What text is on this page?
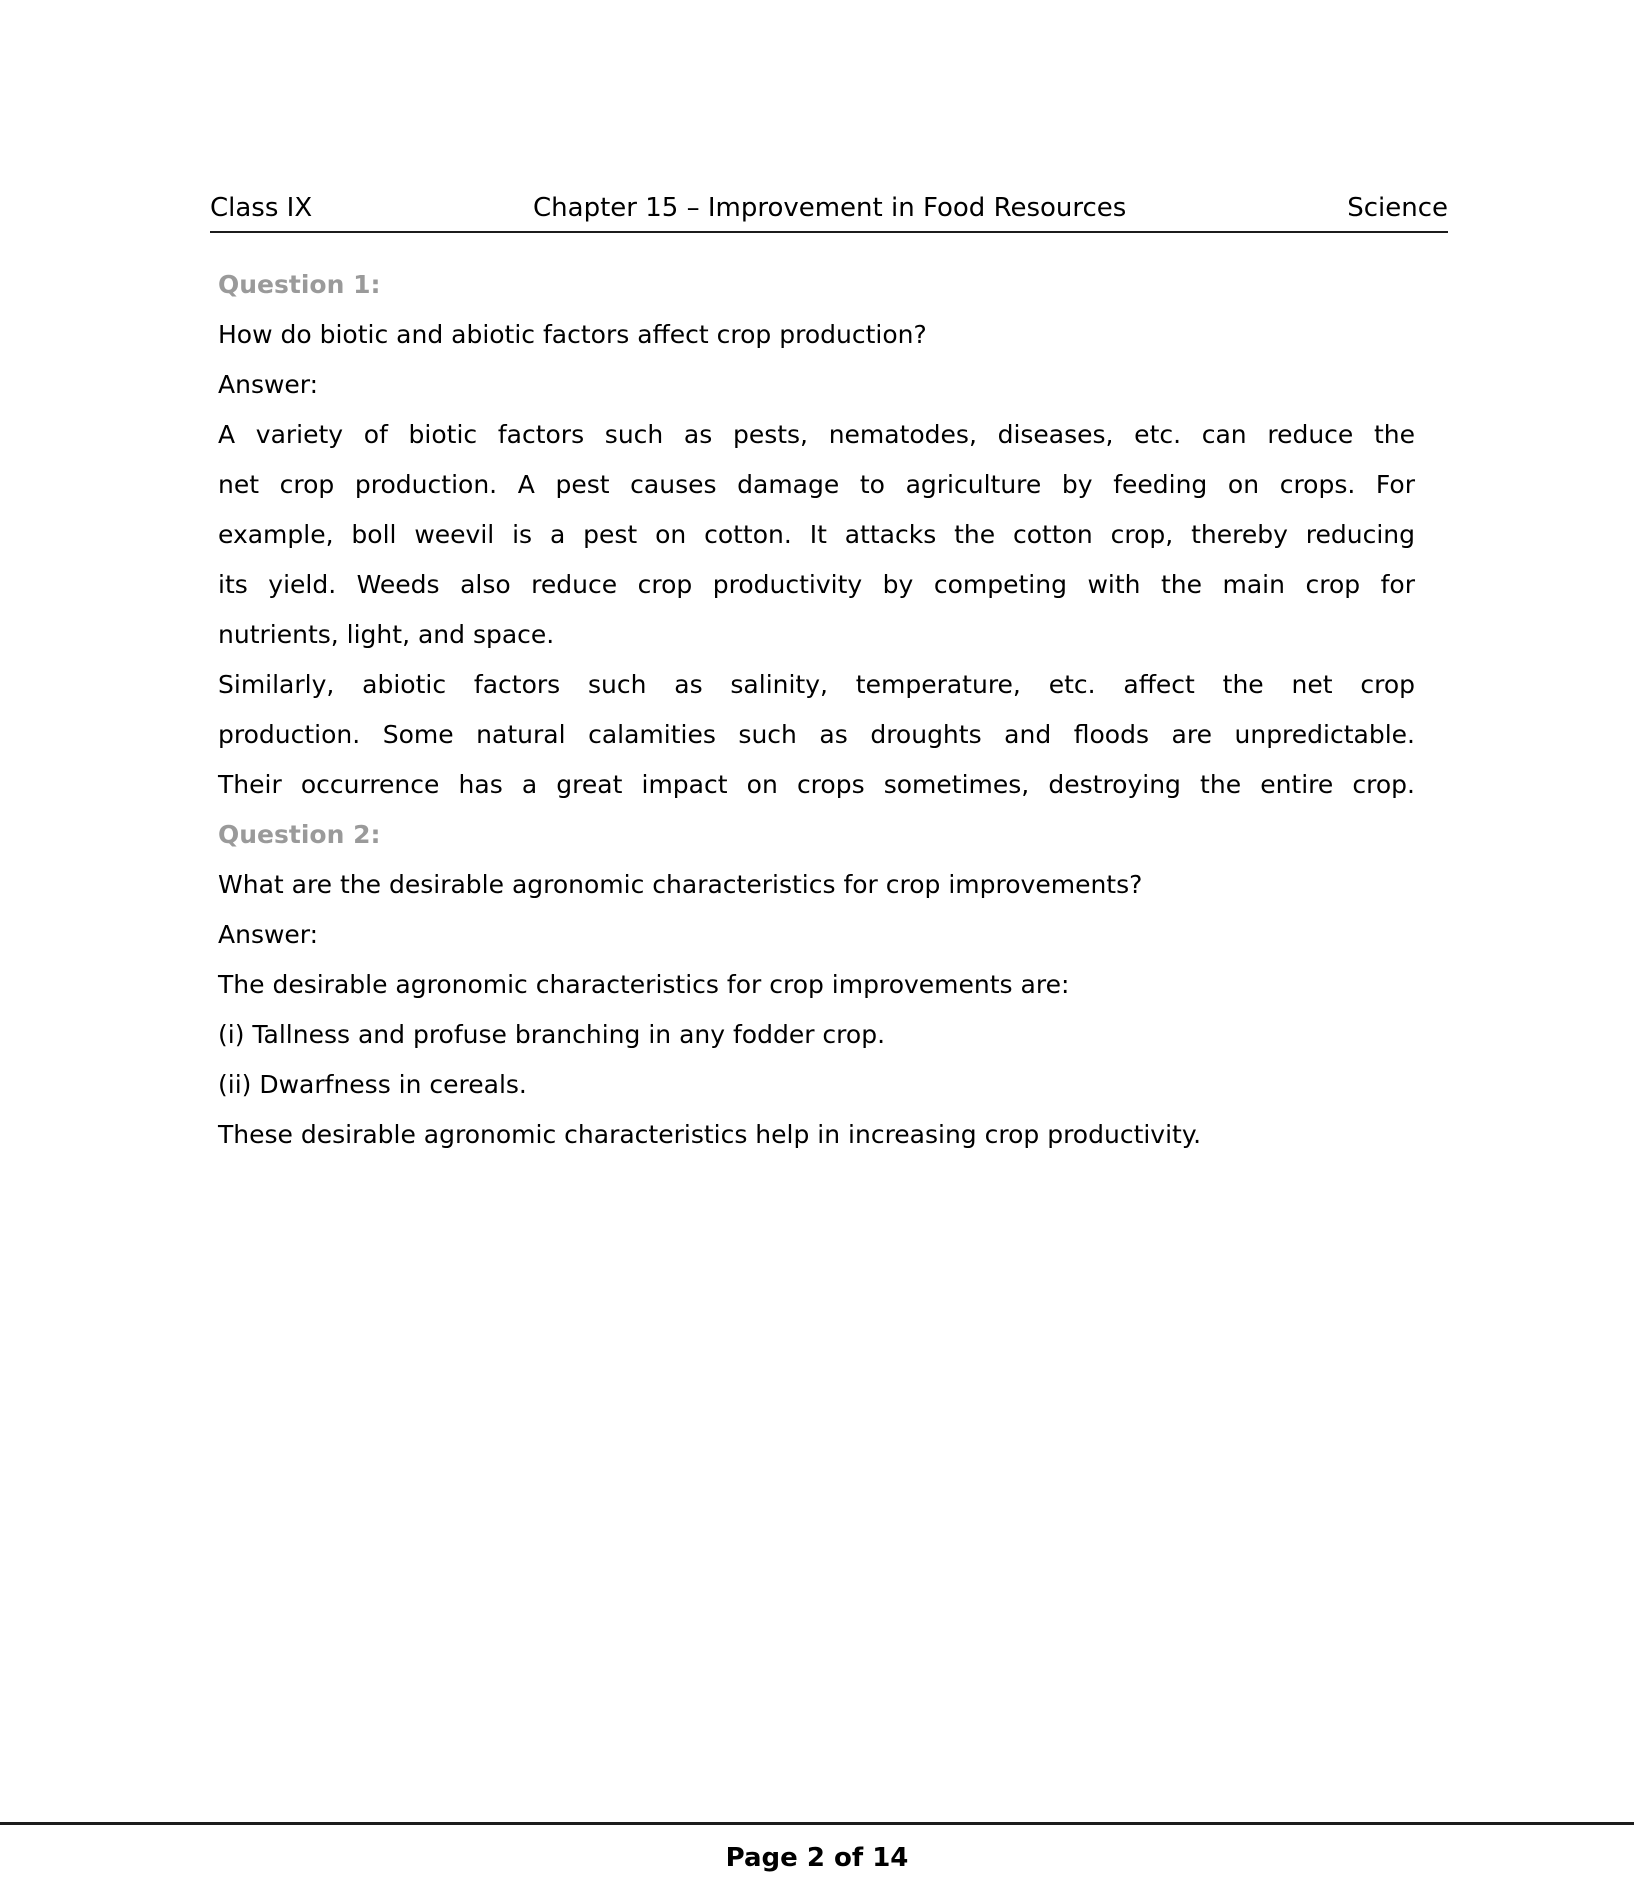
Class IX	Chapter 15 – Improvement in Food Resources	Science
Question 1:
How do biotic and abiotic factors affect crop production?
Answer:
A variety of biotic factors such as pests, nematodes, diseases, etc. can reduce the
net crop production. A pest causes damage to agriculture by feeding on crops. For
example, boll weevil is a pest on cotton. It attacks the cotton crop, thereby reducing
its yield. Weeds also reduce crop productivity by competing with the main crop for
nutrients, light, and space.
Similarly, abiotic factors such as salinity, temperature, etc. affect the net crop
production. Some natural calamities such as droughts and floods are unpredictable.
Their occurrence has a great impact on crops sometimes, destroying the entire crop.
Question 2:
What are the desirable agronomic characteristics for crop improvements?
Answer:
The desirable agronomic characteristics for crop improvements are:
(i) Tallness and profuse branching in any fodder crop.
(ii) Dwarfness in cereals.
These desirable agronomic characteristics help in increasing crop productivity.
Page 2 of 14
